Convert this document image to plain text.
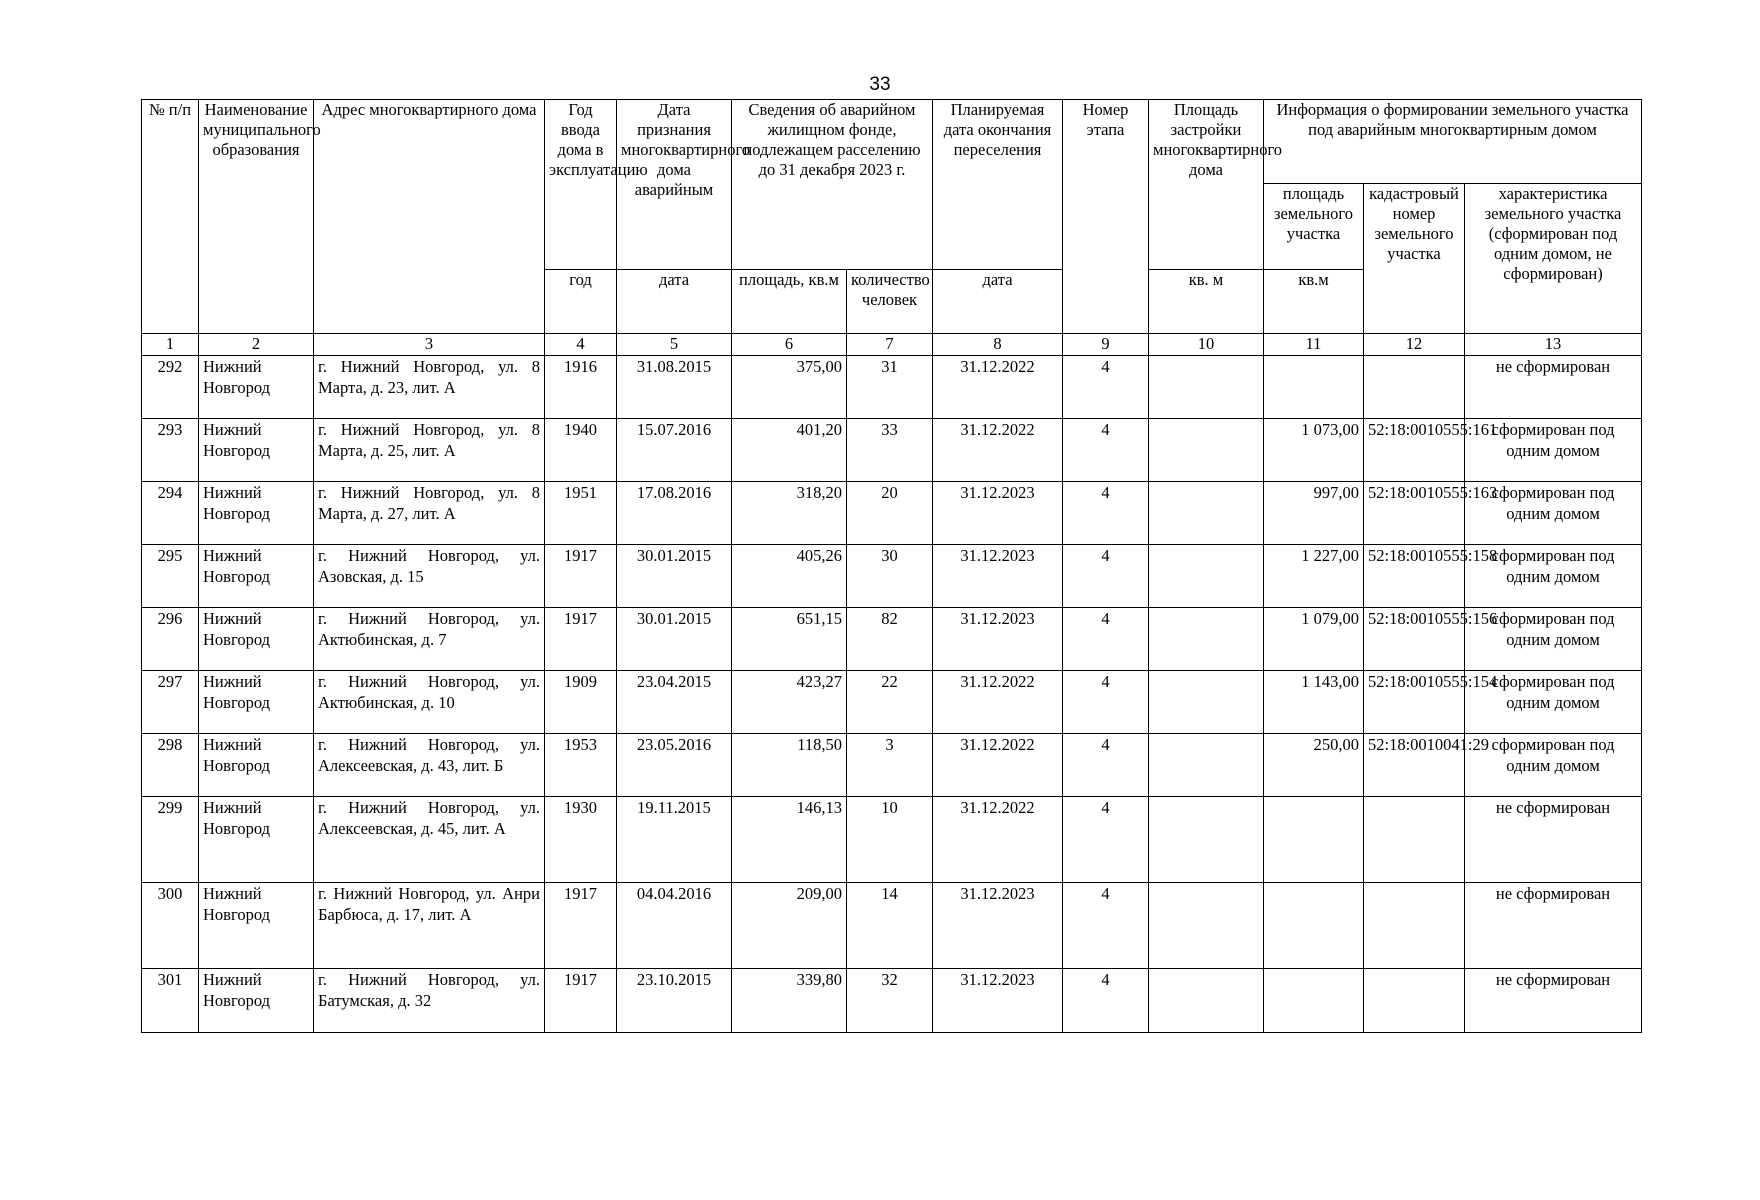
33
№ п/п	Наименование муниципального образования	Адрес многоквартирного дома	Год ввода дома в эксплуатацию	Дата признания многоквартирного дома аварийным	Сведения об аварийном жилищном фонде, подлежащем расселению до 31 декабря 2023 г.		Планируемая дата окончания переселения	Номер этапа	Площадь застройки многоквартирного дома	Информация о формировании земельного участка под аварийным многоквартирным домом		
										площадь земельного участка	кадастровый номер земельного участка	характеристика земельного участка (сформирован под одним домом, не сформирован)
			год	дата	площадь, кв.м	количество человек	дата		кв. м	кв.м		
1	2	3	4	5	6	7	8	9	10	11	12	13
292	Нижний Новгород	г. Нижний Новгород, ул. 8 Марта, д. 23, лит. А	1916	31.08.2015	375,00	31	31.12.2022	4				не сформирован
293	Нижний Новгород	г. Нижний Новгород, ул. 8 Марта, д. 25, лит. А	1940	15.07.2016	401,20	33	31.12.2022	4		1 073,00	52:18:0010555:161	сформирован под одним домом
294	Нижний Новгород	г. Нижний Новгород, ул. 8 Марта, д. 27, лит. А	1951	17.08.2016	318,20	20	31.12.2023	4		997,00	52:18:0010555:163	сформирован под одним домом
295	Нижний Новгород	г. Нижний Новгород, ул. Азовская, д. 15	1917	30.01.2015	405,26	30	31.12.2023	4		1 227,00	52:18:0010555:158	сформирован под одним домом
296	Нижний Новгород	г. Нижний Новгород, ул. Актюбинская, д. 7	1917	30.01.2015	651,15	82	31.12.2023	4		1 079,00	52:18:0010555:156	сформирован под одним домом
297	Нижний Новгород	г. Нижний Новгород, ул. Актюбинская, д. 10	1909	23.04.2015	423,27	22	31.12.2022	4		1 143,00	52:18:0010555:154	сформирован под одним домом
298	Нижний Новгород	г. Нижний Новгород, ул. Алексеевская, д. 43, лит. Б	1953	23.05.2016	118,50	3	31.12.2022	4		250,00	52:18:0010041:29	сформирован под одним домом
299	Нижний Новгород	г. Нижний Новгород, ул. Алексеевская, д. 45, лит. А	1930	19.11.2015	146,13	10	31.12.2022	4				не сформирован
300	Нижний Новгород	г. Нижний Новгород, ул. Анри Барбюса, д. 17, лит. А	1917	04.04.2016	209,00	14	31.12.2023	4				не сформирован
301	Нижний Новгород	г. Нижний Новгород, ул. Батумская, д. 32	1917	23.10.2015	339,80	32	31.12.2023	4				не сформирован
